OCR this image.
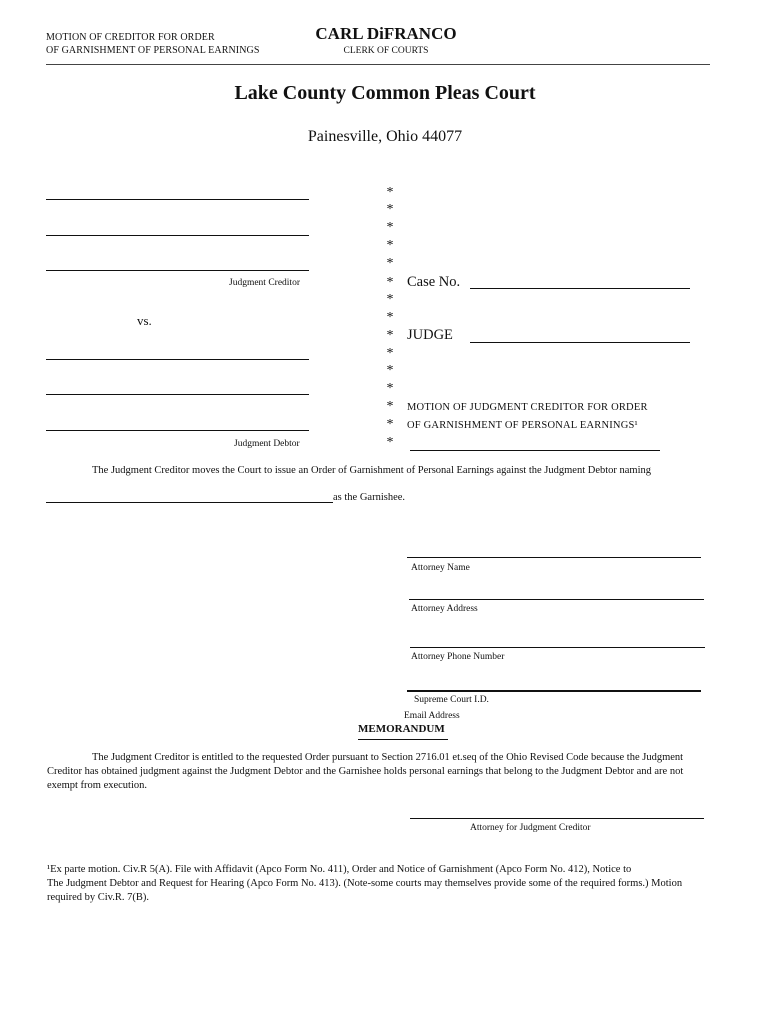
MOTION OF CREDITOR FOR ORDER
OF GARNISHMENT OF PERSONAL EARNINGS
CARL DiFRANCO
CLERK OF COURTS
Lake County Common Pleas Court
Painesville, Ohio 44077
Judgment Creditor
vs.
Judgment Debtor
*
*
*
*
*
*
*
*
*
*
*
*
*
*
*
Case No.
JUDGE
MOTION OF JUDGMENT CREDITOR FOR ORDER
OF GARNISHMENT OF PERSONAL EARNINGS¹
The Judgment Creditor moves the Court to issue an Order of Garnishment of Personal Earnings against the Judgment Debtor naming
as the Garnishee.
Attorney Name
Attorney Address
Attorney Phone Number
Supreme Court I.D.
Email Address
MEMORANDUM
The Judgment Creditor is entitled to the requested Order pursuant to Section 2716.01 et.seq of the Ohio Revised Code because the Judgment
Creditor has obtained judgment against the Judgment Debtor and the Garnishee holds personal earnings that belong to the Judgment Debtor and are not
exempt from execution.
Attorney for Judgment Creditor
¹Ex parte motion. Civ.R 5(A). File with Affidavit (Apco Form No. 411), Order and Notice of Garnishment (Apco Form No. 412), Notice to
The Judgment Debtor and Request for Hearing (Apco Form No. 413). (Note-some courts may themselves provide some of the required forms.) Motion
required by Civ.R. 7(B).
